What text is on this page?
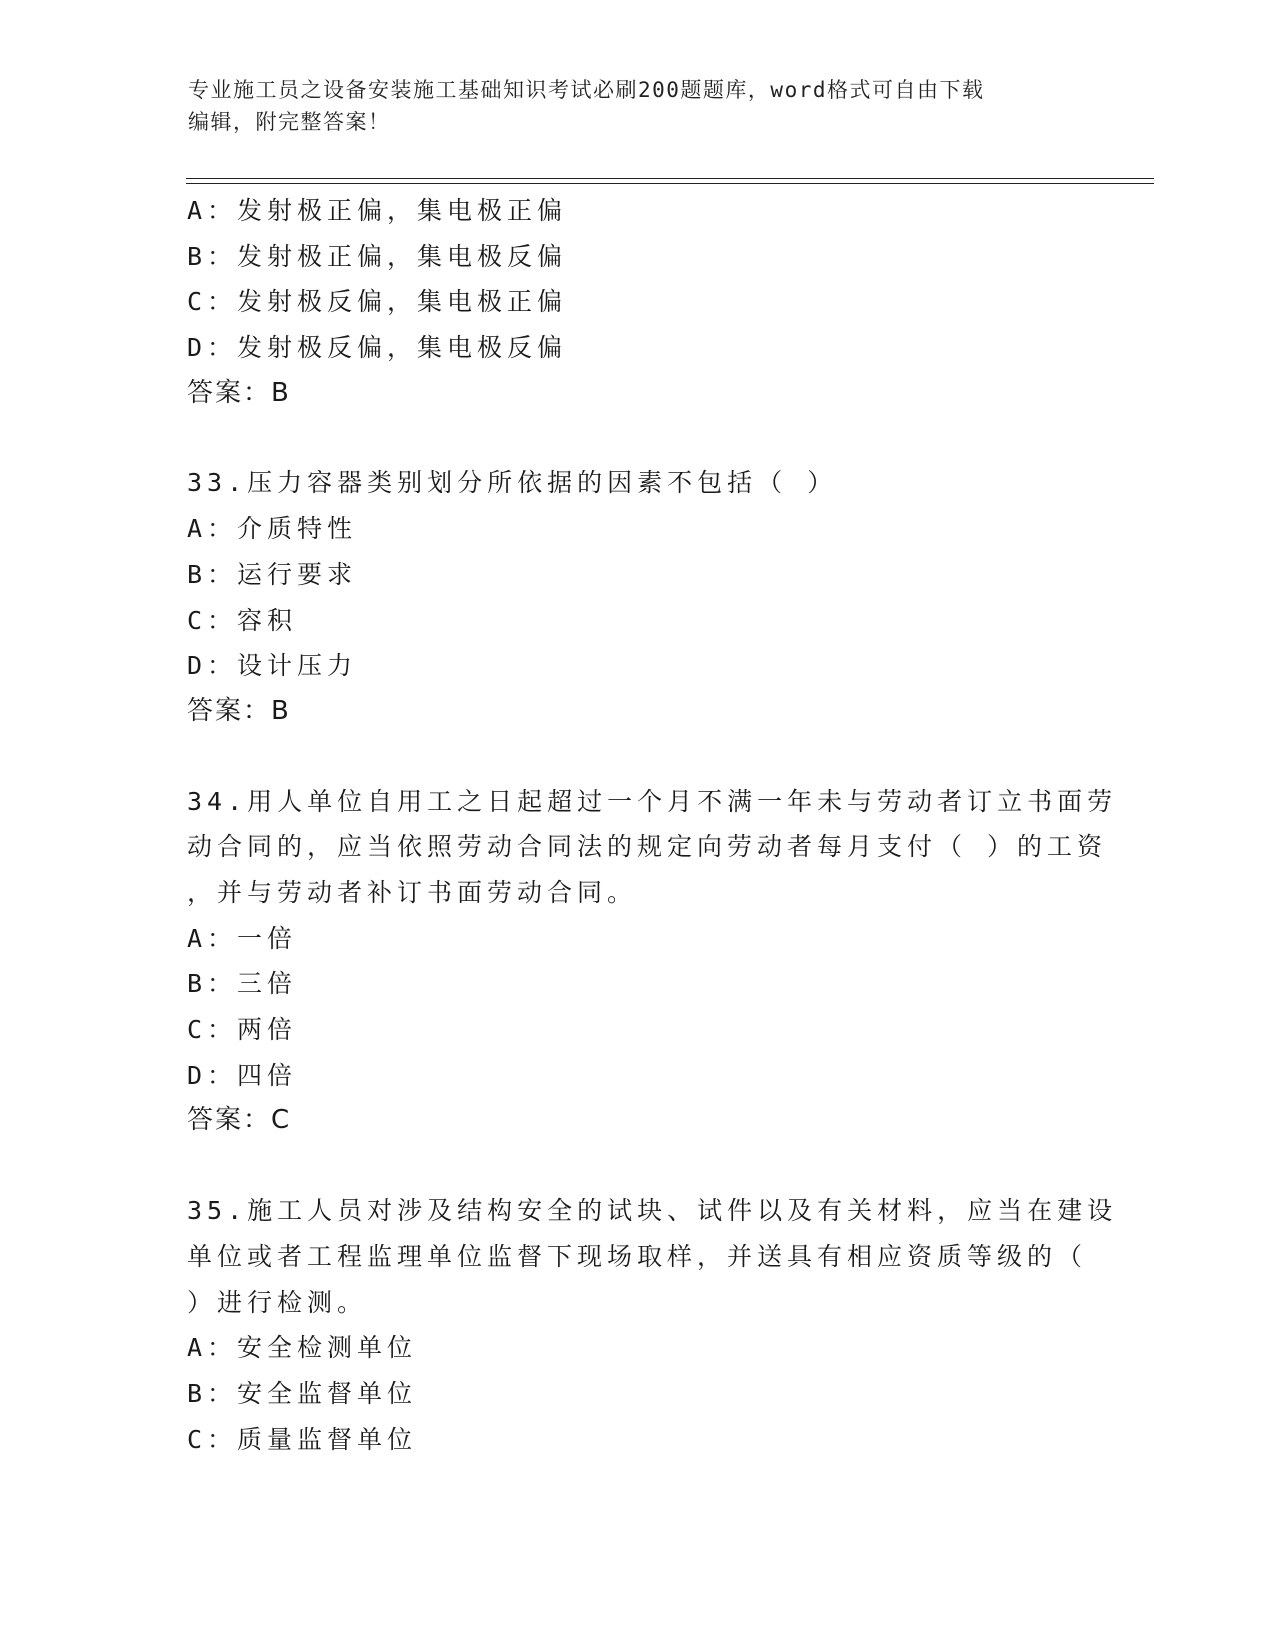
专业施工员之设备安装施工基础知识考试必刷200题题库，word格式可自由下载
编辑，附完整答案！
A：发射极正偏，集电极正偏
B：发射极正偏，集电极反偏
C：发射极反偏，集电极正偏
D：发射极反偏，集电极反偏
答案：B
33.压力容器类别划分所依据的因素不包括（ ）
A：介质特性
B：运行要求
C：容积
D：设计压力
答案：B
34.用人单位自用工之日起超过一个月不满一年未与劳动者订立书面劳
动合同的，应当依照劳动合同法的规定向劳动者每月支付（ ）的工资
，并与劳动者补订书面劳动合同。
A：一倍
B：三倍
C：两倍
D：四倍
答案：C
35.施工人员对涉及结构安全的试块、试件以及有关材料，应当在建设
单位或者工程监理单位监督下现场取样，并送具有相应资质等级的（
）进行检测。
A：安全检测单位
B：安全监督单位
C：质量监督单位
